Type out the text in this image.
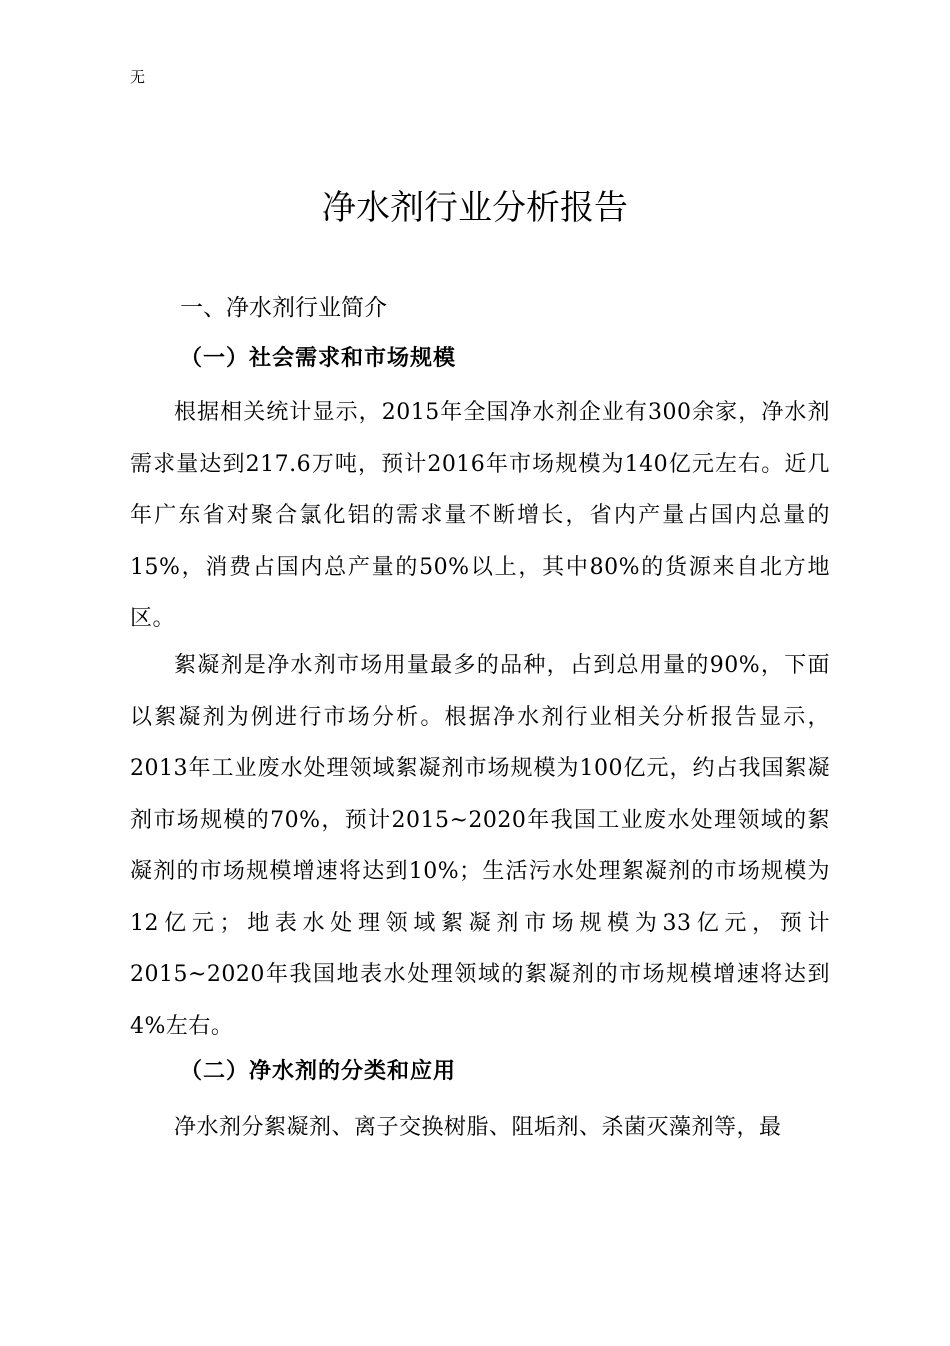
无
净水剂行业分析报告
一、净水剂行业简介
（一）社会需求和市场规模

根据相关统计显示，2015年全国净水剂企业有300余家，净水剂需求量达到217.6万吨，预计2016年市场规模为140亿元左右。近几年广东省对聚合氯化铝的需求量不断增长，省内产量占国内总量的15%，消费占国内总产量的50%以上，其中80%的货源来自北方地区。

絮凝剂是净水剂市场用量最多的品种，占到总用量的90%，下面以絮凝剂为例进行市场分析。根据净水剂行业相关分析报告显示，2013年工业废水处理领域絮凝剂市场规模为100亿元，约占我国絮凝剂市场规模的70%，预计2015~2020年我国工业废水处理领域的絮凝剂的市场规模增速将达到10%；生活污水处理絮凝剂的市场规模为12亿元；地表水处理领域絮凝剂市场规模为33亿元，预计2015~2020年我国地表水处理领域的絮凝剂的市场规模增速将达到4%左右。

（二）净水剂的分类和应用

净水剂分絮凝剂、离子交换树脂、阻垢剂、杀菌灭藻剂等，最
